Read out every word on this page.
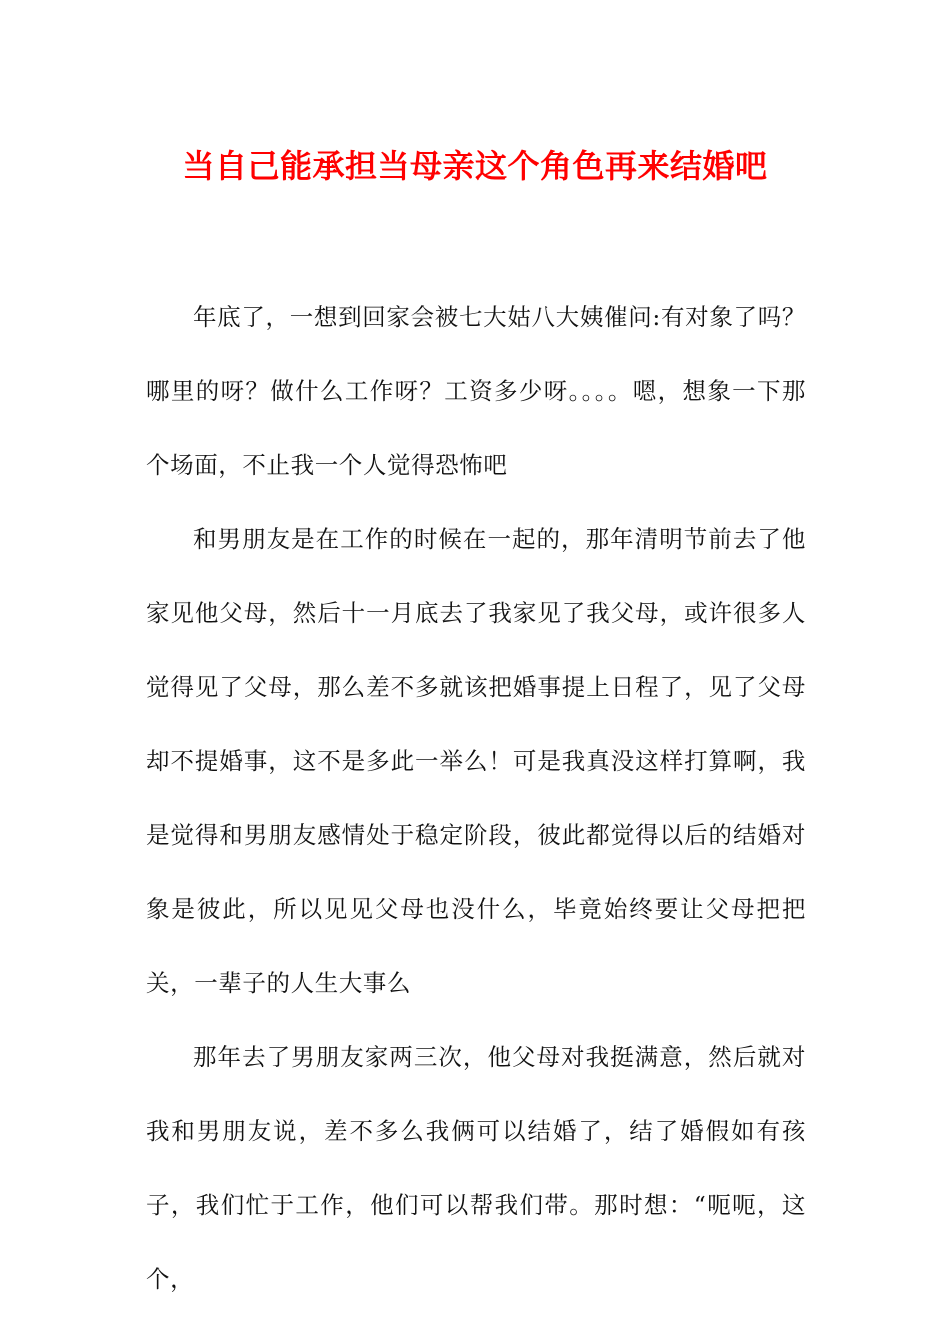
当自己能承担当母亲这个角色再来结婚吧

年底了，一想到回家会被七大姑八大姨催问:有对象了吗？哪里的呀？做什么工作呀？工资多少呀。。。。嗯，想象一下那个场面，不止我一个人觉得恐怖吧

和男朋友是在工作的时候在一起的，那年清明节前去了他家见他父母，然后十一月底去了我家见了我父母，或许很多人觉得见了父母，那么差不多就该把婚事提上日程了，见了父母却不提婚事，这不是多此一举么！可是我真没这样打算啊，我是觉得和男朋友感情处于稳定阶段，彼此都觉得以后的结婚对象是彼此，所以见见父母也没什么，毕竟始终要让父母把把关，一辈子的人生大事么

那年去了男朋友家两三次，他父母对我挺满意，然后就对我和男朋友说，差不多么我俩可以结婚了，结了婚假如有孩子，我们忙于工作，他们可以帮我们带。那时想：“呃呃，这个，
